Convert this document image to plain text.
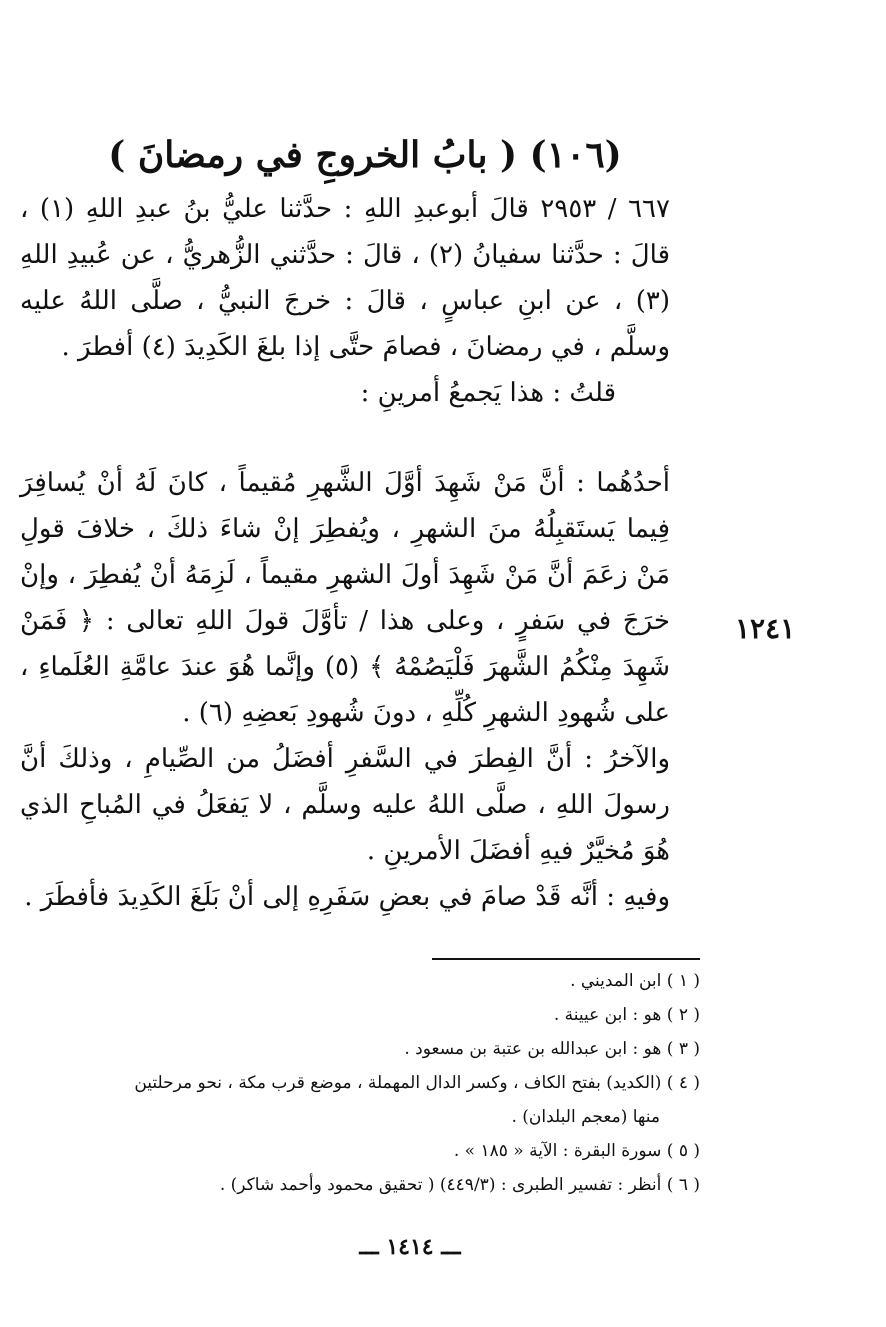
(١٠٦) ( بابُ الخروجِ في رمضانَ )
١٢٤١

٦٦٧ / ٢٩٥٣ قالَ أبوعبدِ اللهِ : حدَّثنا عليُّ بنُ عبدِ اللهِ (١) ، قالَ : حدَّثنا سفيانُ (٢) ، قالَ : حدَّثني الزُّهريُّ ، عن عُبيدِ اللهِ (٣) ، عن ابنِ عباسٍ ، قالَ : خرجَ النبيُّ ، صلَّى اللهُ عليه وسلَّم ، في رمضانَ ، فصامَ حتَّى إذا بلغَ الكَدِيدَ (٤) أفطرَ .

قلتُ : هذا يَجمعُ أمرينِ :

أحدُهُما : أنَّ مَنْ شَهِدَ أوَّلَ الشَّهرِ مُقيماً ، كانَ لَهُ أنْ يُسافِرَ فِيما يَستَقبِلُهُ منَ الشهرِ ، ويُفطِرَ إنْ شاءَ ذلكَ ، خلافَ قولِ مَنْ زعَمَ أنَّ مَنْ شَهِدَ أولَ الشهرِ مقيماً ، لَزِمَهُ أنْ يُفطِرَ ، وإنْ خرَجَ في سَفرٍ ، وعلى هذا / تأوَّلَ قولَ اللهِ تعالى : ﴿ فَمَنْ شَهِدَ مِنْكُمُ الشَّهرَ فَلْيَصُمْهُ ﴾ (٥) وإنَّما هُوَ عندَ عامَّةِ العُلَماءِ ، على شُهودِ الشهرِ كُلِّهِ ، دونَ شُهودِ بَعضِهِ (٦) .

والآخرُ : أنَّ الفِطرَ في السَّفرِ أفضَلُ من الصِّيامِ ، وذلكَ أنَّ رسولَ اللهِ ، صلَّى اللهُ عليه وسلَّم ، لا يَفعَلُ في المُباحِ الذي هُوَ مُخيَّرٌ فيهِ أفضَلَ الأمرينِ .

وفيهِ : أنَّه قَدْ صامَ في بعضِ سَفَرِهِ إلى أنْ بَلَغَ الكَدِيدَ فأفطَرَ .

( ١ ) ابن المديني .
( ٢ ) هو : ابن عيينة .
( ٣ ) هو : ابن عبدالله بن عتبة بن مسعود .
( ٤ ) (الكديد) بفتح الكاف ، وكسر الدال المهملة ، موضع قرب مكة ، نحو مرحلتين
منها (معجم البلدان) .
( ٥ ) سورة البقرة : الآية « ١٨٥ » .
( ٦ ) أنظر : تفسير الطبرى : (٤٤٩/٣) ( تحقيق محمود وأحمد شاكر) .
ـــ ١٤١٤ ـــ
